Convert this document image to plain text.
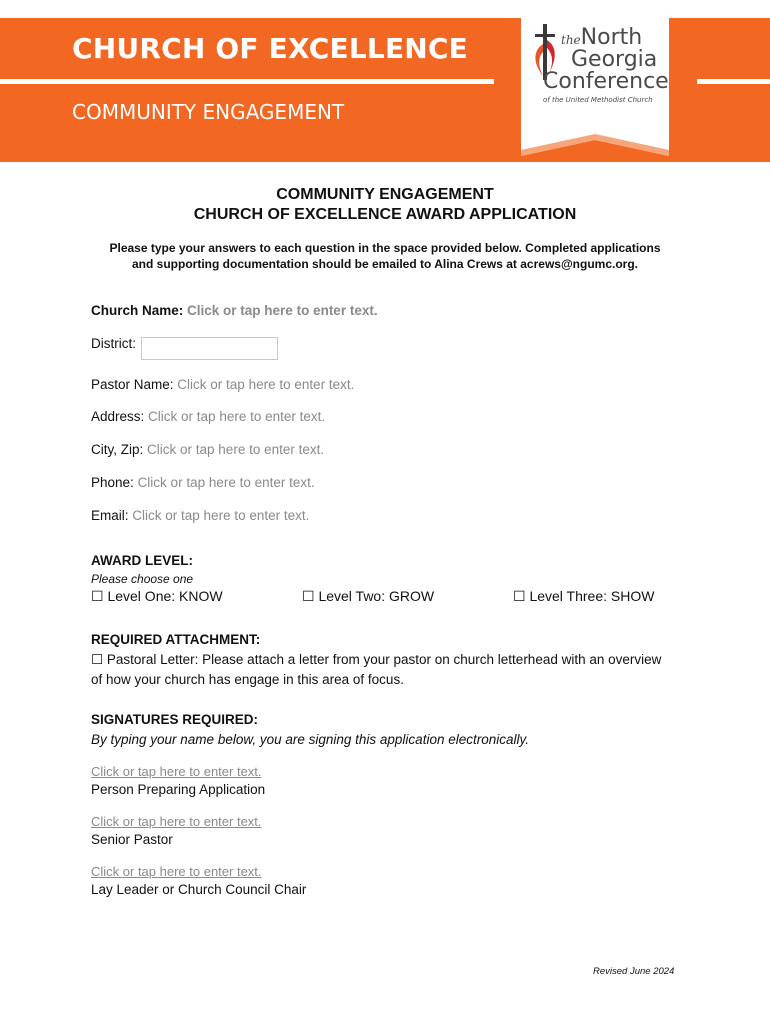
CHURCH OF EXCELLENCE
COMMUNITY ENGAGEMENT
theNorth
Georgia
Conference
of the United Methodist Church
COMMUNITY ENGAGEMENT
CHURCH OF EXCELLENCE AWARD APPLICATION
Please type your answers to each question in the space provided below. Completed applications
and supporting documentation should be emailed to Alina Crews at acrews@ngumc.org.
Church Name: Click or tap here to enter text.
District:
Pastor Name: Click or tap here to enter text.
Address: Click or tap here to enter text.
City, Zip: Click or tap here to enter text.
Phone: Click or tap here to enter text.
Email: Click or tap here to enter text.
AWARD LEVEL:
Please choose one
☐ Level One: KNOW	☐ Level Two: GROW	☐ Level Three: SHOW
REQUIRED ATTACHMENT:
☐ Pastoral Letter: Please attach a letter from your pastor on church letterhead with an overview
of how your church has engage in this area of focus.
SIGNATURES REQUIRED:
By typing your name below, you are signing this application electronically.
Click or tap here to enter text.
Person Preparing Application
Click or tap here to enter text.
Senior Pastor
Click or tap here to enter text.
Lay Leader or Church Council Chair
Revised June 2024
